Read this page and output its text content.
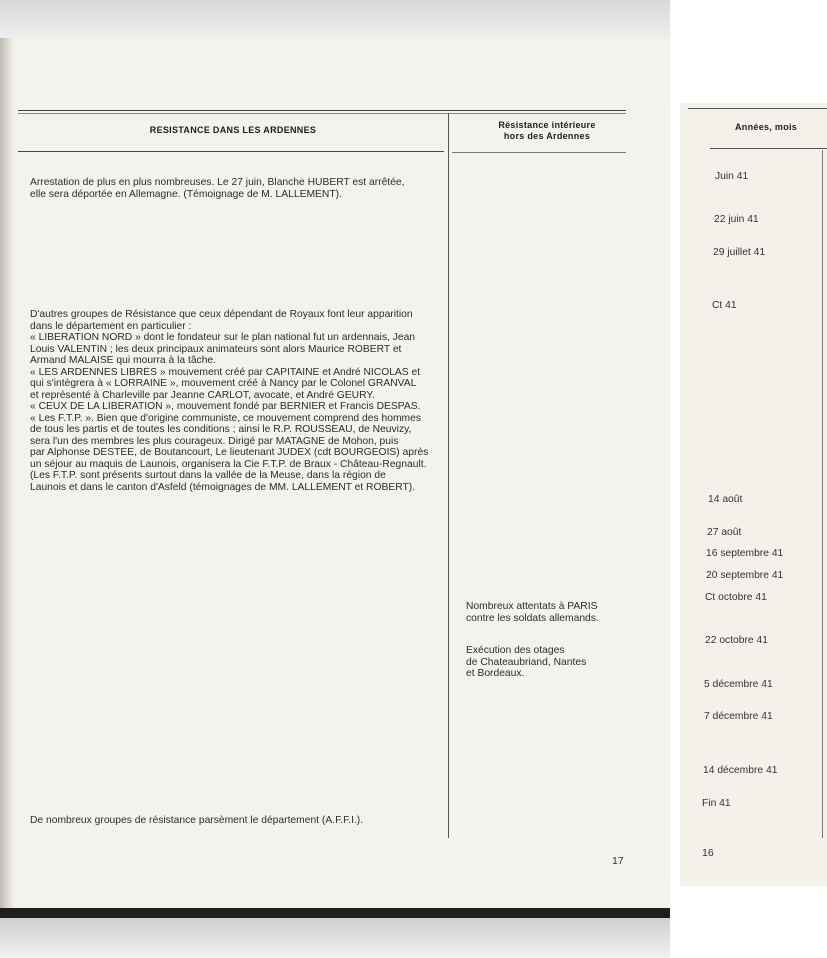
RESISTANCE DANS LES ARDENNES	Résistance intérieure
hors des Ardennes

Arrestation de plus en plus nombreuses. Le 27 juin, Blanche HUBERT est arrêtée,

elle sera déportée en Allemagne. (Témoignage de M. LALLEMENT).

D'autres groupes de Résistance que ceux dépendant de Royaux font leur apparition

dans le département en particulier :

« LIBERATION NORD » dont le fondateur sur le plan national fut un ardennais, Jean

Louis VALENTIN ; les deux principaux animateurs sont alors Maurice ROBERT et

Armand MALAISE qui mourra à la tâche.

« LES ARDENNES LIBRES » mouvement créé par CAPITAINE et André NICOLAS et

qui s'intègrera à « LORRAINE », mouvement créé à Nancy par le Colonel GRANVAL

et représenté à Charleville par Jeanne CARLOT, avocate, et André GEURY.

« CEUX DE LA LIBERATION », mouvement fondé par BERNIER et Francis DESPAS.

« Les F.T.P. ». Bien que d'origine communiste, ce mouvement comprend des hommes

de tous les partis et de toutes les conditions ; ainsi le R.P. ROUSSEAU, de Neuvizy,

sera l'un des membres les plus courageux. Dirigé par MATAGNE de Mohon, puis

par Alphonse DESTEE, de Boutancourt, Le lieutenant JUDEX (cdt BOURGEOIS) après

un séjour au maquis de Launois, organisera la Cie F.T.P. de Braux - Château-Regnault.

(Les F.T.P. sont présents surtout dans la vallée de la Meuse, dans la région de

Launois et dans le canton d'Asfeld (témoignages de MM. LALLEMENT et ROBERT).

De nombreux groupes de résistance parsèment le département (A.F.F.I.).
Nombreux attentats à PARIS
contre les soldats allemands.
Exécution des otages
de Chateaubriand, Nantes
et Bordeaux.
17
Années, mois
Juin 41
22 juin 41
29 juillet 41
Ct 41
14 août
27 août
16 septembre 41
20 septembre 41
Ct octobre 41
22 octobre 41
5 décembre 41
7 décembre 41
14 décembre 41
Fin 41
16
